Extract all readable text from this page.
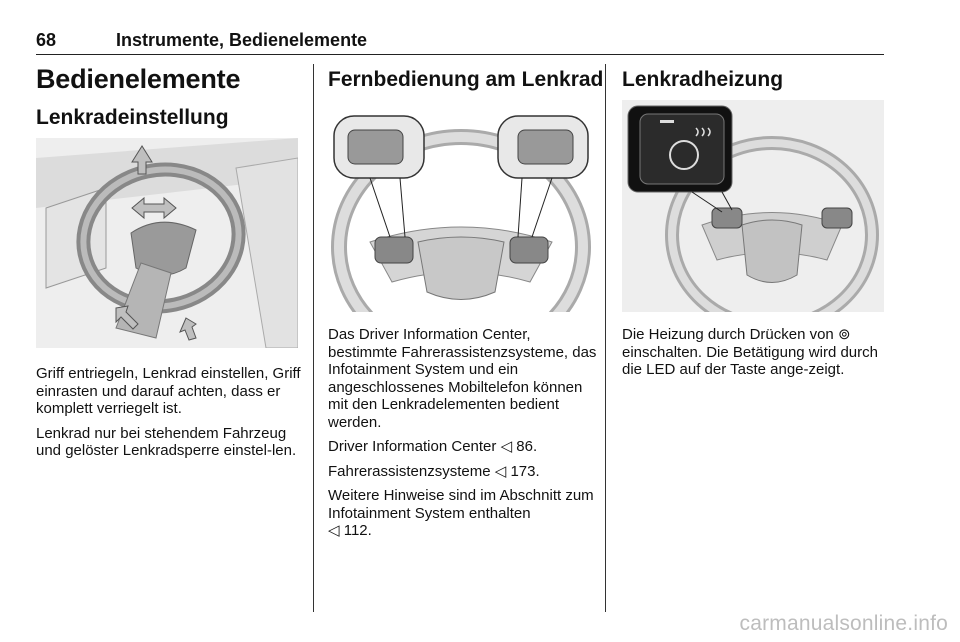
68	Instrumente, Bedienelemente
Bedienelemente
Lenkradeinstellung

Griff entriegeln, Lenkrad einstellen, Griff einrasten und darauf achten, dass er komplett verriegelt ist.

Lenkrad nur bei stehendem Fahrzeug und gelöster Lenkradsperre einstel-len.

Fernbedienung am Lenkrad

Das Driver Information Center, bestimmte Fahrerassistenzsysteme, das Infotainment System und ein angeschlossenes Mobiltelefon können mit den Lenkradelementen bedient werden.

Driver Information Center ◁ 86.

Fahrerassistenzsysteme ◁ 173.

Weitere Hinweise sind im Abschnitt zum Infotainment System enthalten
◁ 112.

Lenkradheizung

Die Heizung durch Drücken von ⊚
einschalten. Die Betätigung wird durch die LED auf der Taste ange-zeigt.

carmanualsonline.info
